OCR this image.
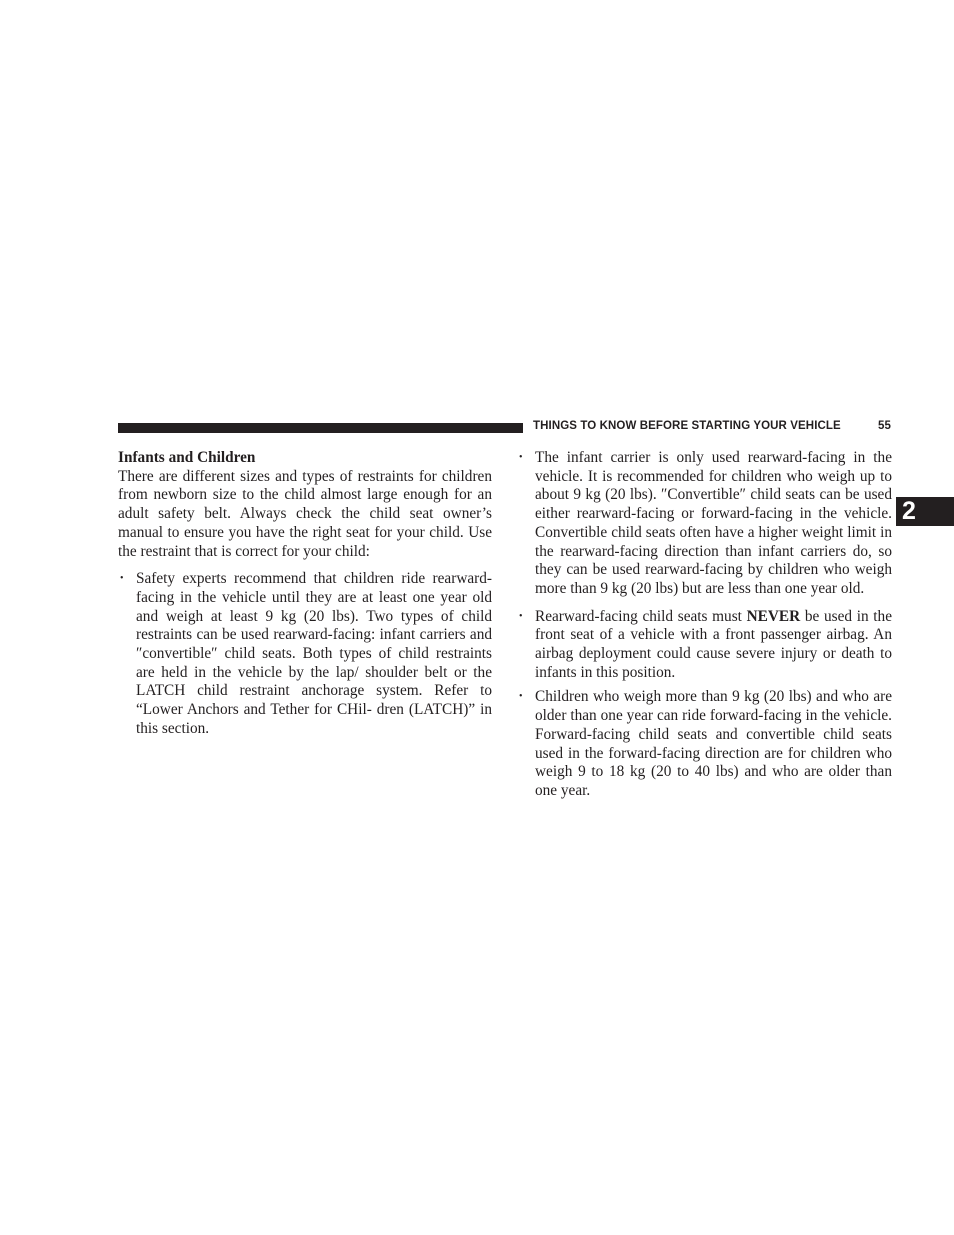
THINGS TO KNOW BEFORE STARTING YOUR VEHICLE	55
2

Infants and Children

There are different sizes and types of restraints for children from newborn size to the child almost large enough for an adult safety belt. Always check the child seat owner’s manual to ensure you have the right seat for your child. Use the restraint that is correct for your child:

• Safety experts recommend that children ride rearward-facing in the vehicle until they are at least one year old and weigh at least 9 kg (20 lbs). Two types of child restraints can be used rearward-facing: infant carriers and ″convertible″ child seats. Both types of child restraints are held in the vehicle by the lap/ shoulder belt or the LATCH child restraint anchorage system. Refer to “Lower Anchors and Tether for CHil- dren (LATCH)” in this section.
• The infant carrier is only used rearward-facing in the vehicle. It is recommended for children who weigh up to about 9 kg (20 lbs). ″Convertible″ child seats can be used either rearward-facing or forward-facing in the vehicle. Convertible child seats often have a higher weight limit in the rearward-facing direction than infant carriers do, so they can be used rearward-facing by children who weigh more than 9 kg (20 lbs) but are less than one year old.
• Rearward-facing child seats must NEVER be used in the front seat of a vehicle with a front passenger airbag. An airbag deployment could cause severe injury or death to infants in this position.
• Children who weigh more than 9 kg (20 lbs) and who are older than one year can ride forward-facing in the vehicle. Forward-facing child seats and convertible child seats used in the forward-facing direction are for children who weigh 9 to 18 kg (20 to 40 lbs) and who are older than one year.
